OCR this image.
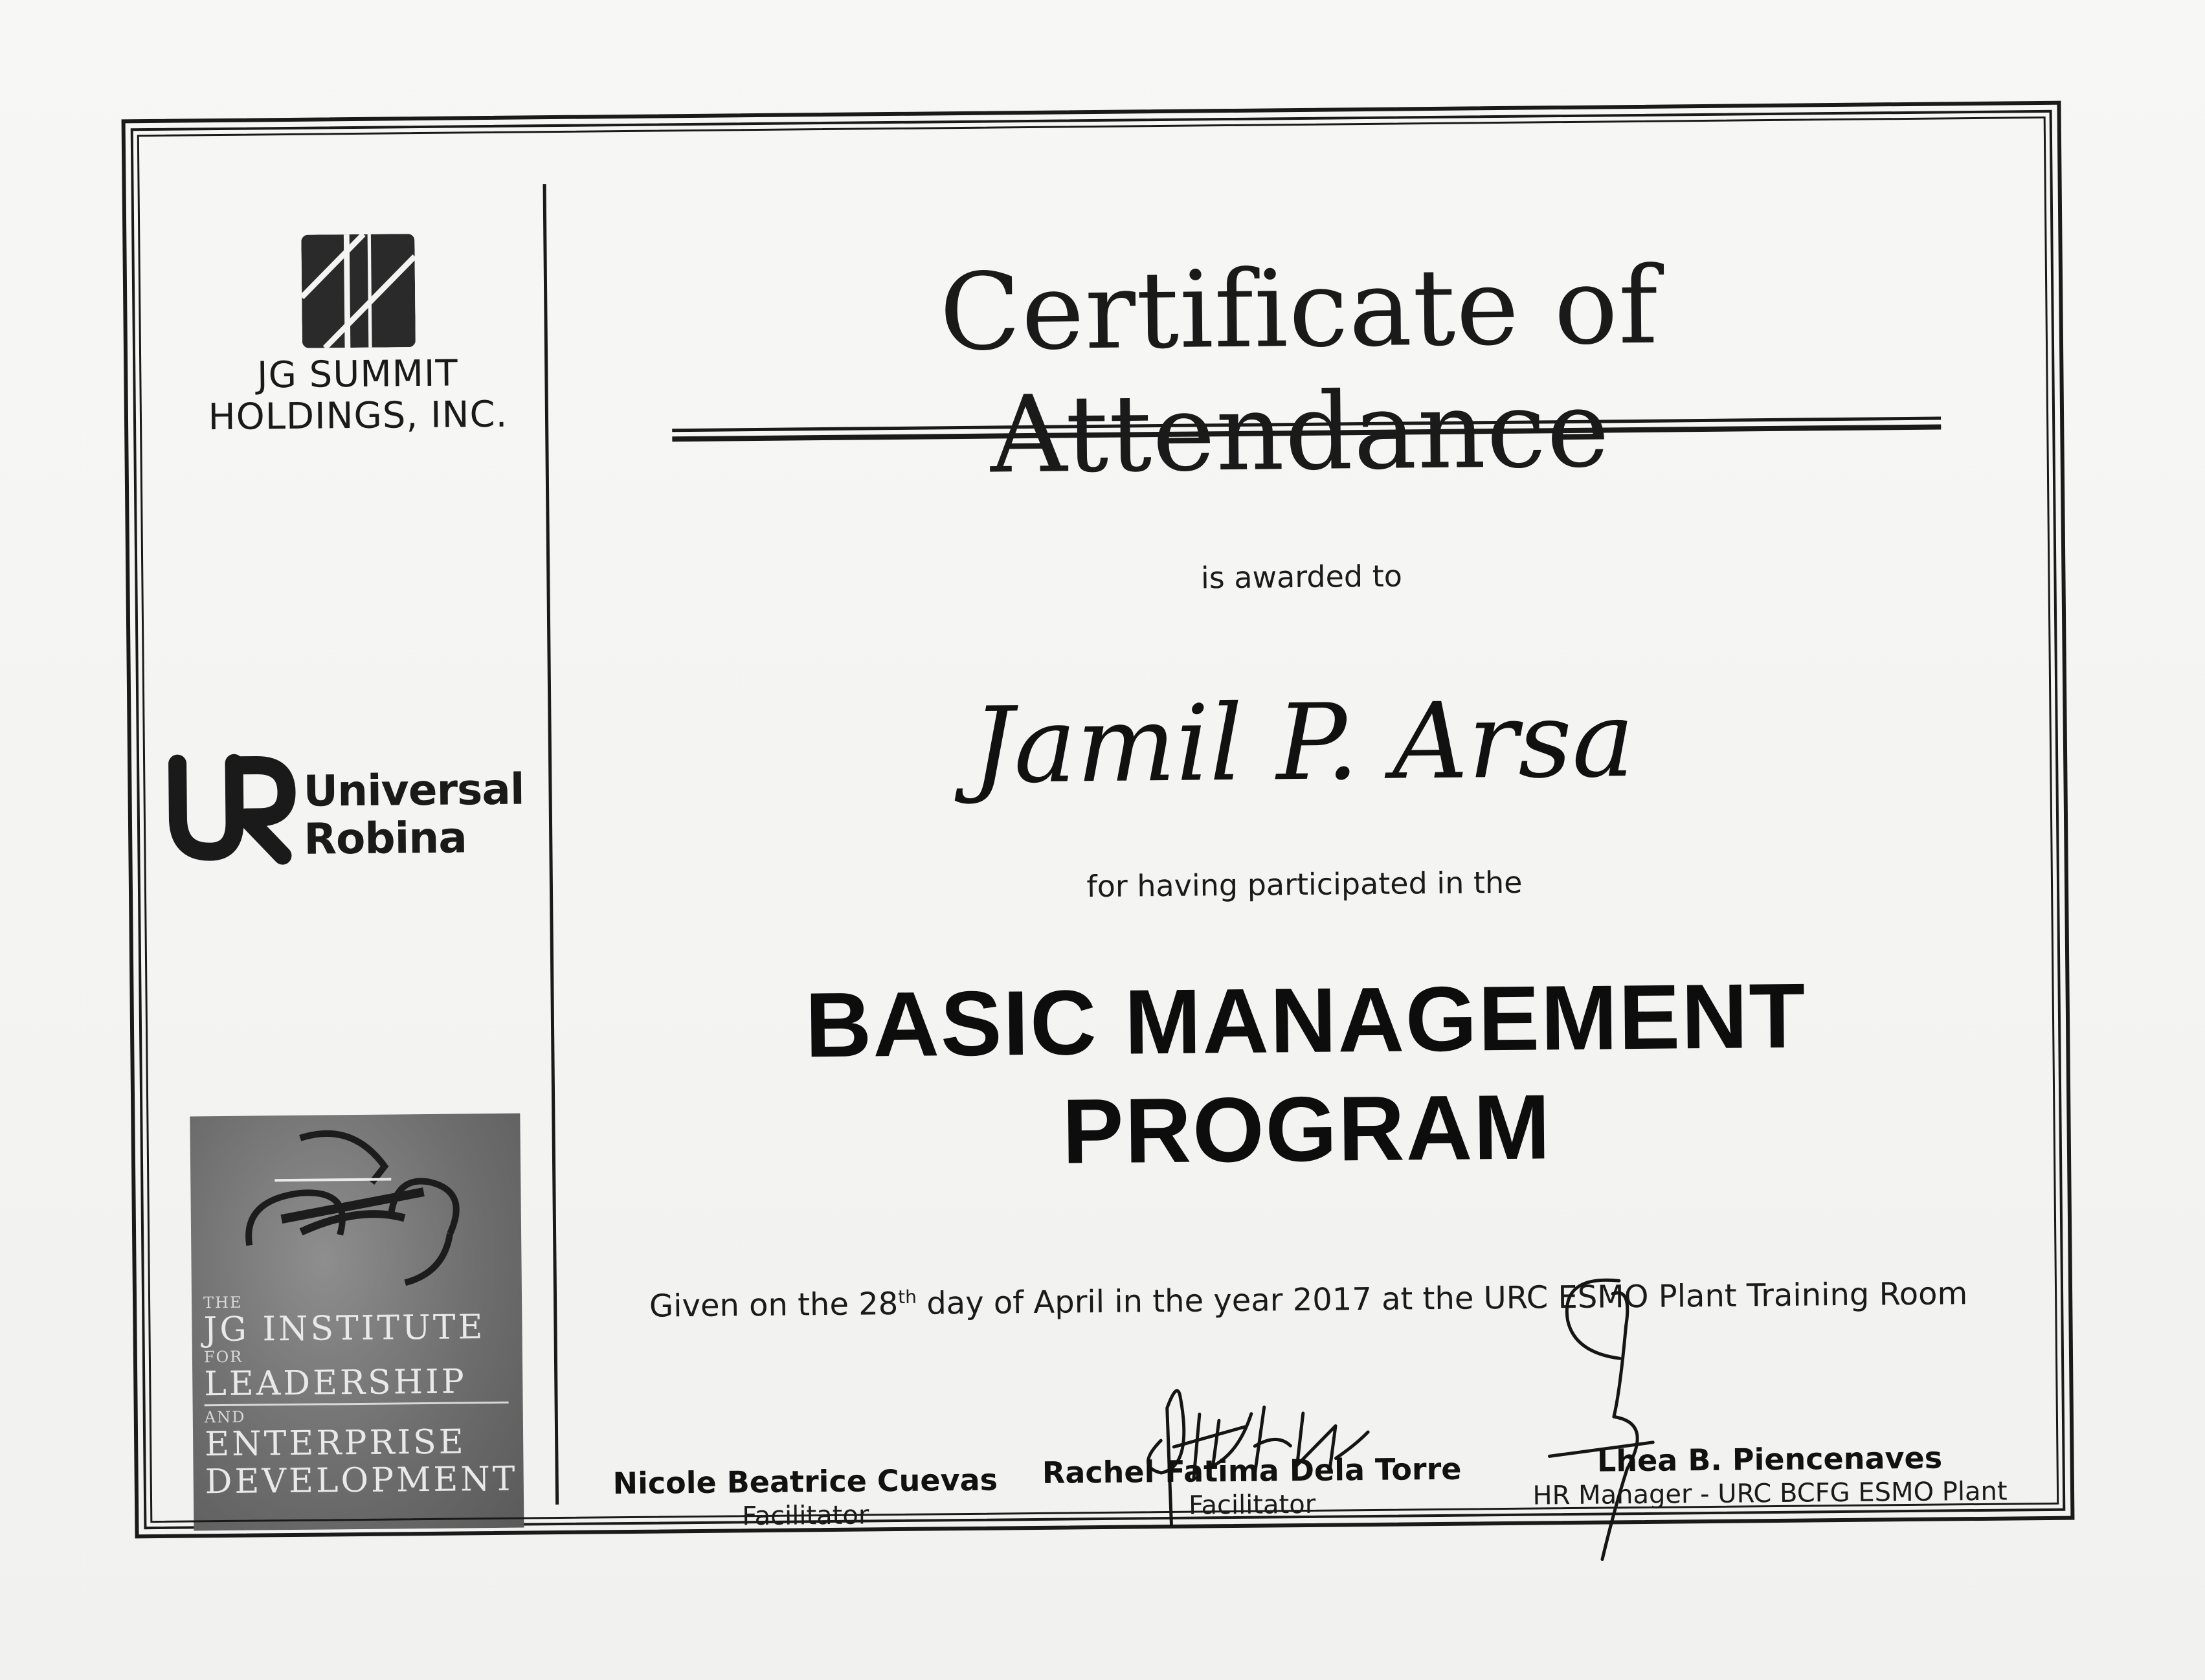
JG SUMMIT
HOLDINGS, INC.
Universal
Robina
THE
JG INSTITUTE
FOR
LEADERSHIP
AND
ENTERPRISE
DEVELOPMENT
Certificate of Attendance
is awarded to
Jamil P. Arsa
for having participated in the
BASIC MANAGEMENT
PROGRAM
Given on the 28th day of April in the year 2017 at the URC ESMO Plant Training Room
Nicole Beatrice Cuevas
Facilitator
Rachel Fatima Dela Torre
Facilitator
Lhea B. Piencenaves
HR Manager - URC BCFG ESMO Plant
